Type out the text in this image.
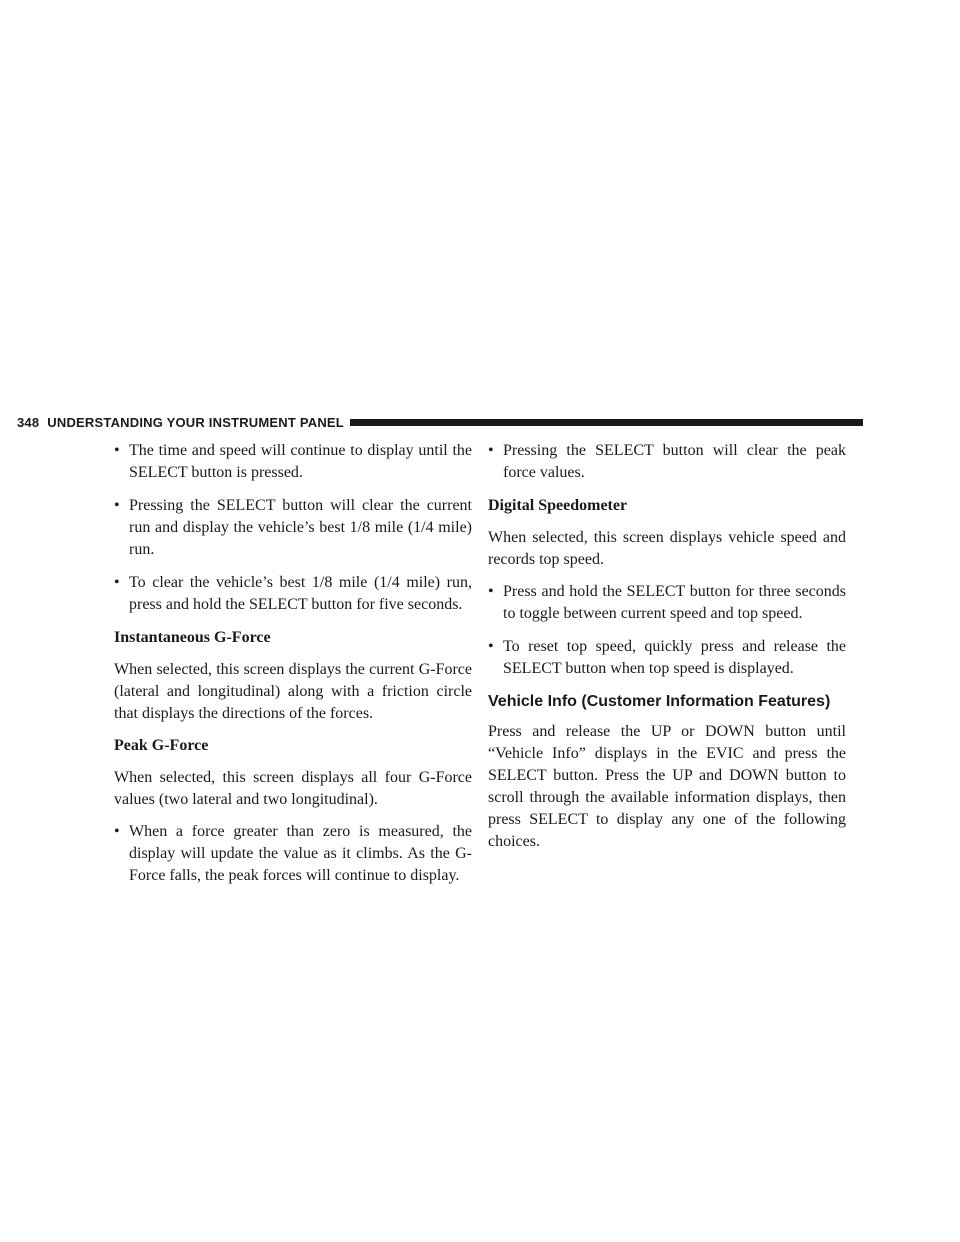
348 UNDERSTANDING YOUR INSTRUMENT PANEL
• The time and speed will continue to display until the SELECT button is pressed.
• Pressing the SELECT button will clear the current run and display the vehicle’s best 1/8 mile (1/4 mile) run.
• To clear the vehicle’s best 1/8 mile (1/4 mile) run, press and hold the SELECT button for five seconds.
Instantaneous G-Force

When selected, this screen displays the current G-Force (lateral and longitudinal) along with a friction circle that displays the directions of the forces.

Peak G-Force

When selected, this screen displays all four G-Force values (two lateral and two longitudinal).

• When a force greater than zero is measured, the display will update the value as it climbs. As the G-Force falls, the peak forces will continue to display.
• Pressing the SELECT button will clear the peak force values.
Digital Speedometer

When selected, this screen displays vehicle speed and records top speed.

• Press and hold the SELECT button for three seconds to toggle between current speed and top speed.
• To reset top speed, quickly press and release the SELECT button when top speed is displayed.
Vehicle Info (Customer Information Features)

Press and release the UP or DOWN button until “Vehicle Info” displays in the EVIC and press the SELECT button. Press the UP and DOWN button to scroll through the available information displays, then press SELECT to display any one of the following choices.
